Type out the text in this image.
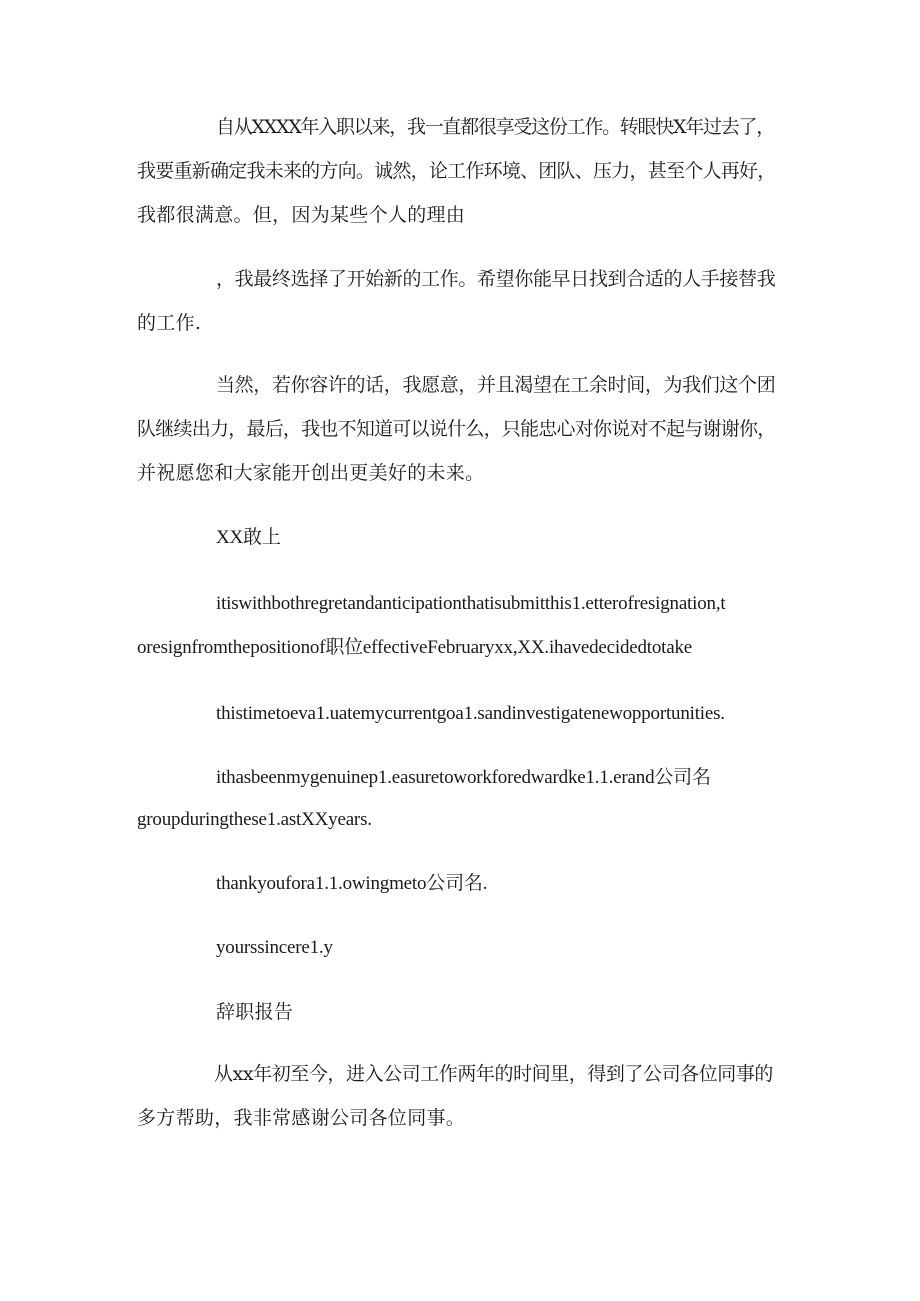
自从XXXX年入职以来，我一直都很享受这份工作。转眼快X年过去了，
我要重新确定我未来的方向。诚然，论工作环境、团队、压力，甚至个人再好，
我都很满意。但，因为某些个人的理由
，我最终选择了开始新的工作。希望你能早日找到合适的人手接替我
的工作.
当然，若你容许的话，我愿意，并且渴望在工余时间，为我们这个团
队继续出力，最后，我也不知道可以说什么，只能忠心对你说对不起与谢谢你，
并祝愿您和大家能开创出更美好的未来。
XX敢上
itiswithbothregretandanticipationthatisubmitthis1.etterofresignation,t
oresignfromthepositionof职位effectiveFebruaryxx,XX.ihavedecidedtotake
thistimetoeva1.uatemycurrentgoa1.sandinvestigatenewopportunities.
ithasbeenmygenuinep1.easuretoworkforedwardke1.1.erand公司名
groupduringthese1.astXXyears.
thankyoufora1.1.owingmeto公司名.
yourssincere1.y
辞职报告
从xx年初至今，进入公司工作两年的时间里，得到了公司各位同事的
多方帮助，我非常感谢公司各位同事。
